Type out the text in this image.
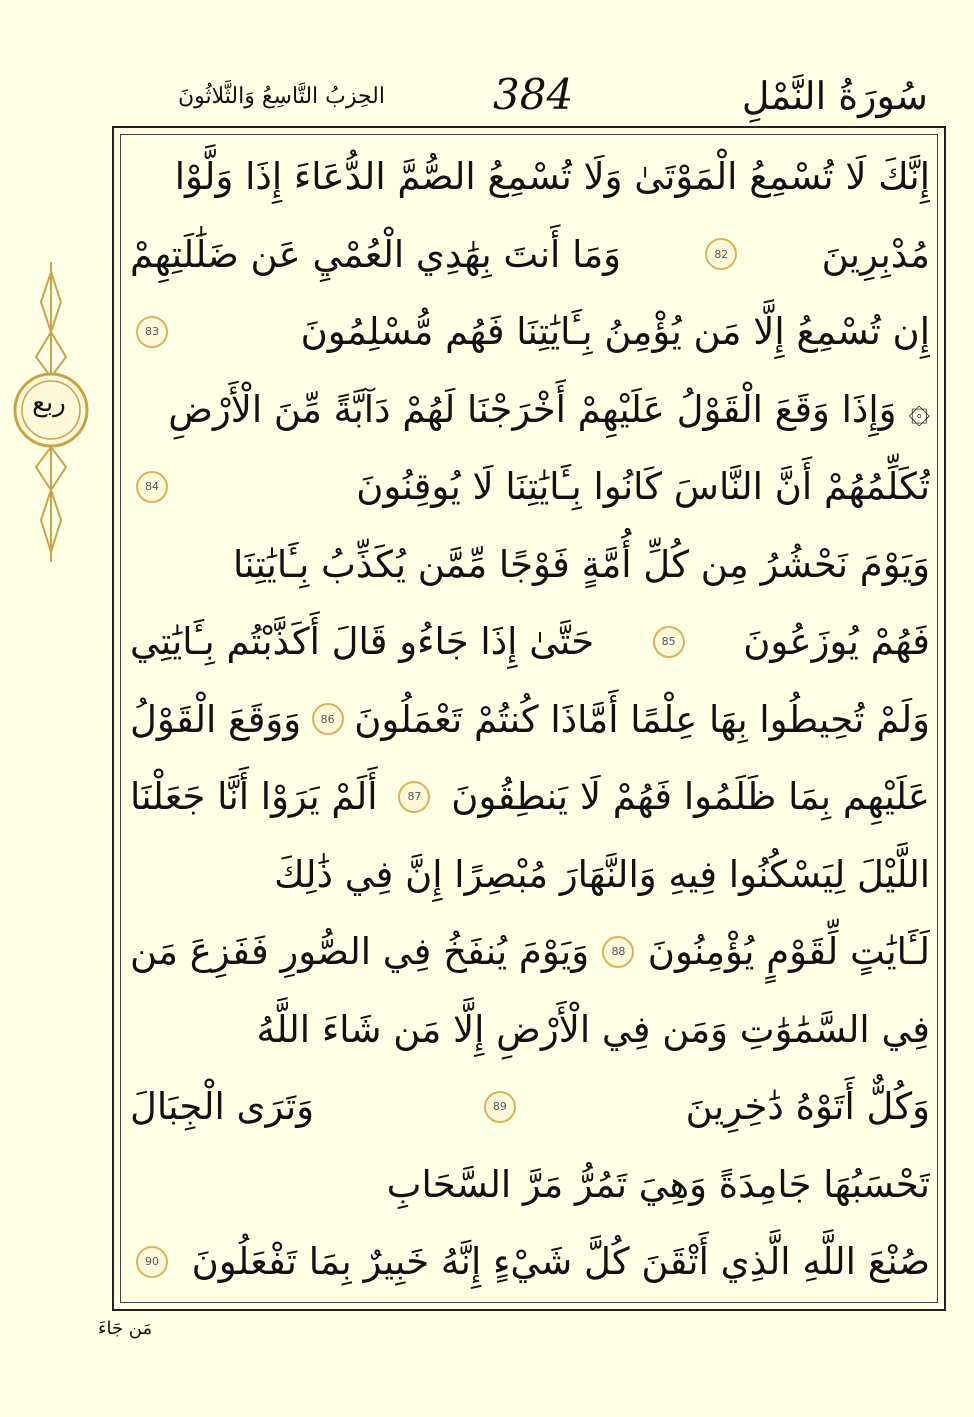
سُورَةُ النَّمْلِ
384
الحِزبُ التَّاسِعُ وَالثَّلاثُونَ
ربع
إِنَّكَ لَا تُسْمِعُ الْمَوْتَىٰ وَلَا تُسْمِعُ الصُّمَّ الدُّعَاءَ إِذَا وَلَّوْا
مُدْبِرِينَ
82
وَمَا أَنتَ بِهَٰدِي الْعُمْيِ عَن ضَلَٰلَتِهِمْ
إِن تُسْمِعُ إِلَّا مَن يُؤْمِنُ بِـَٔايَٰتِنَا فَهُم مُّسْلِمُونَ
83
۞ وَإِذَا وَقَعَ الْقَوْلُ عَلَيْهِمْ أَخْرَجْنَا لَهُمْ دَآبَّةً مِّنَ الْأَرْضِ
تُكَلِّمُهُمْ أَنَّ النَّاسَ كَانُوا بِـَٔايَٰتِنَا لَا يُوقِنُونَ
84
وَيَوْمَ نَحْشُرُ مِن كُلِّ أُمَّةٍ فَوْجًا مِّمَّن يُكَذِّبُ بِـَٔايَٰتِنَا
فَهُمْ يُوزَعُونَ
85
حَتَّىٰ إِذَا جَاءُو قَالَ أَكَذَّبْتُم بِـَٔايَٰتِي
وَلَمْ تُحِيطُوا بِهَا عِلْمًا أَمَّاذَا كُنتُمْ تَعْمَلُونَ
86
وَوَقَعَ الْقَوْلُ
عَلَيْهِم بِمَا ظَلَمُوا فَهُمْ لَا يَنطِقُونَ
87
أَلَمْ يَرَوْا أَنَّا جَعَلْنَا
اللَّيْلَ لِيَسْكُنُوا فِيهِ وَالنَّهَارَ مُبْصِرًا إِنَّ فِي ذَٰلِكَ
لَـَٔايَٰتٍ لِّقَوْمٍ يُؤْمِنُونَ
88
وَيَوْمَ يُنفَخُ فِي الصُّورِ فَفَزِعَ مَن
فِي السَّمَٰوَٰتِ وَمَن فِي الْأَرْضِ إِلَّا مَن شَاءَ اللَّهُ
وَكُلٌّ أَتَوْهُ دَٰخِرِينَ
89
وَتَرَى الْجِبَالَ
تَحْسَبُهَا جَامِدَةً وَهِيَ تَمُرُّ مَرَّ السَّحَابِ
صُنْعَ اللَّهِ الَّذِي أَتْقَنَ كُلَّ شَيْءٍ إِنَّهُ خَبِيرٌ بِمَا تَفْعَلُونَ
90
مَن جَاءَ
